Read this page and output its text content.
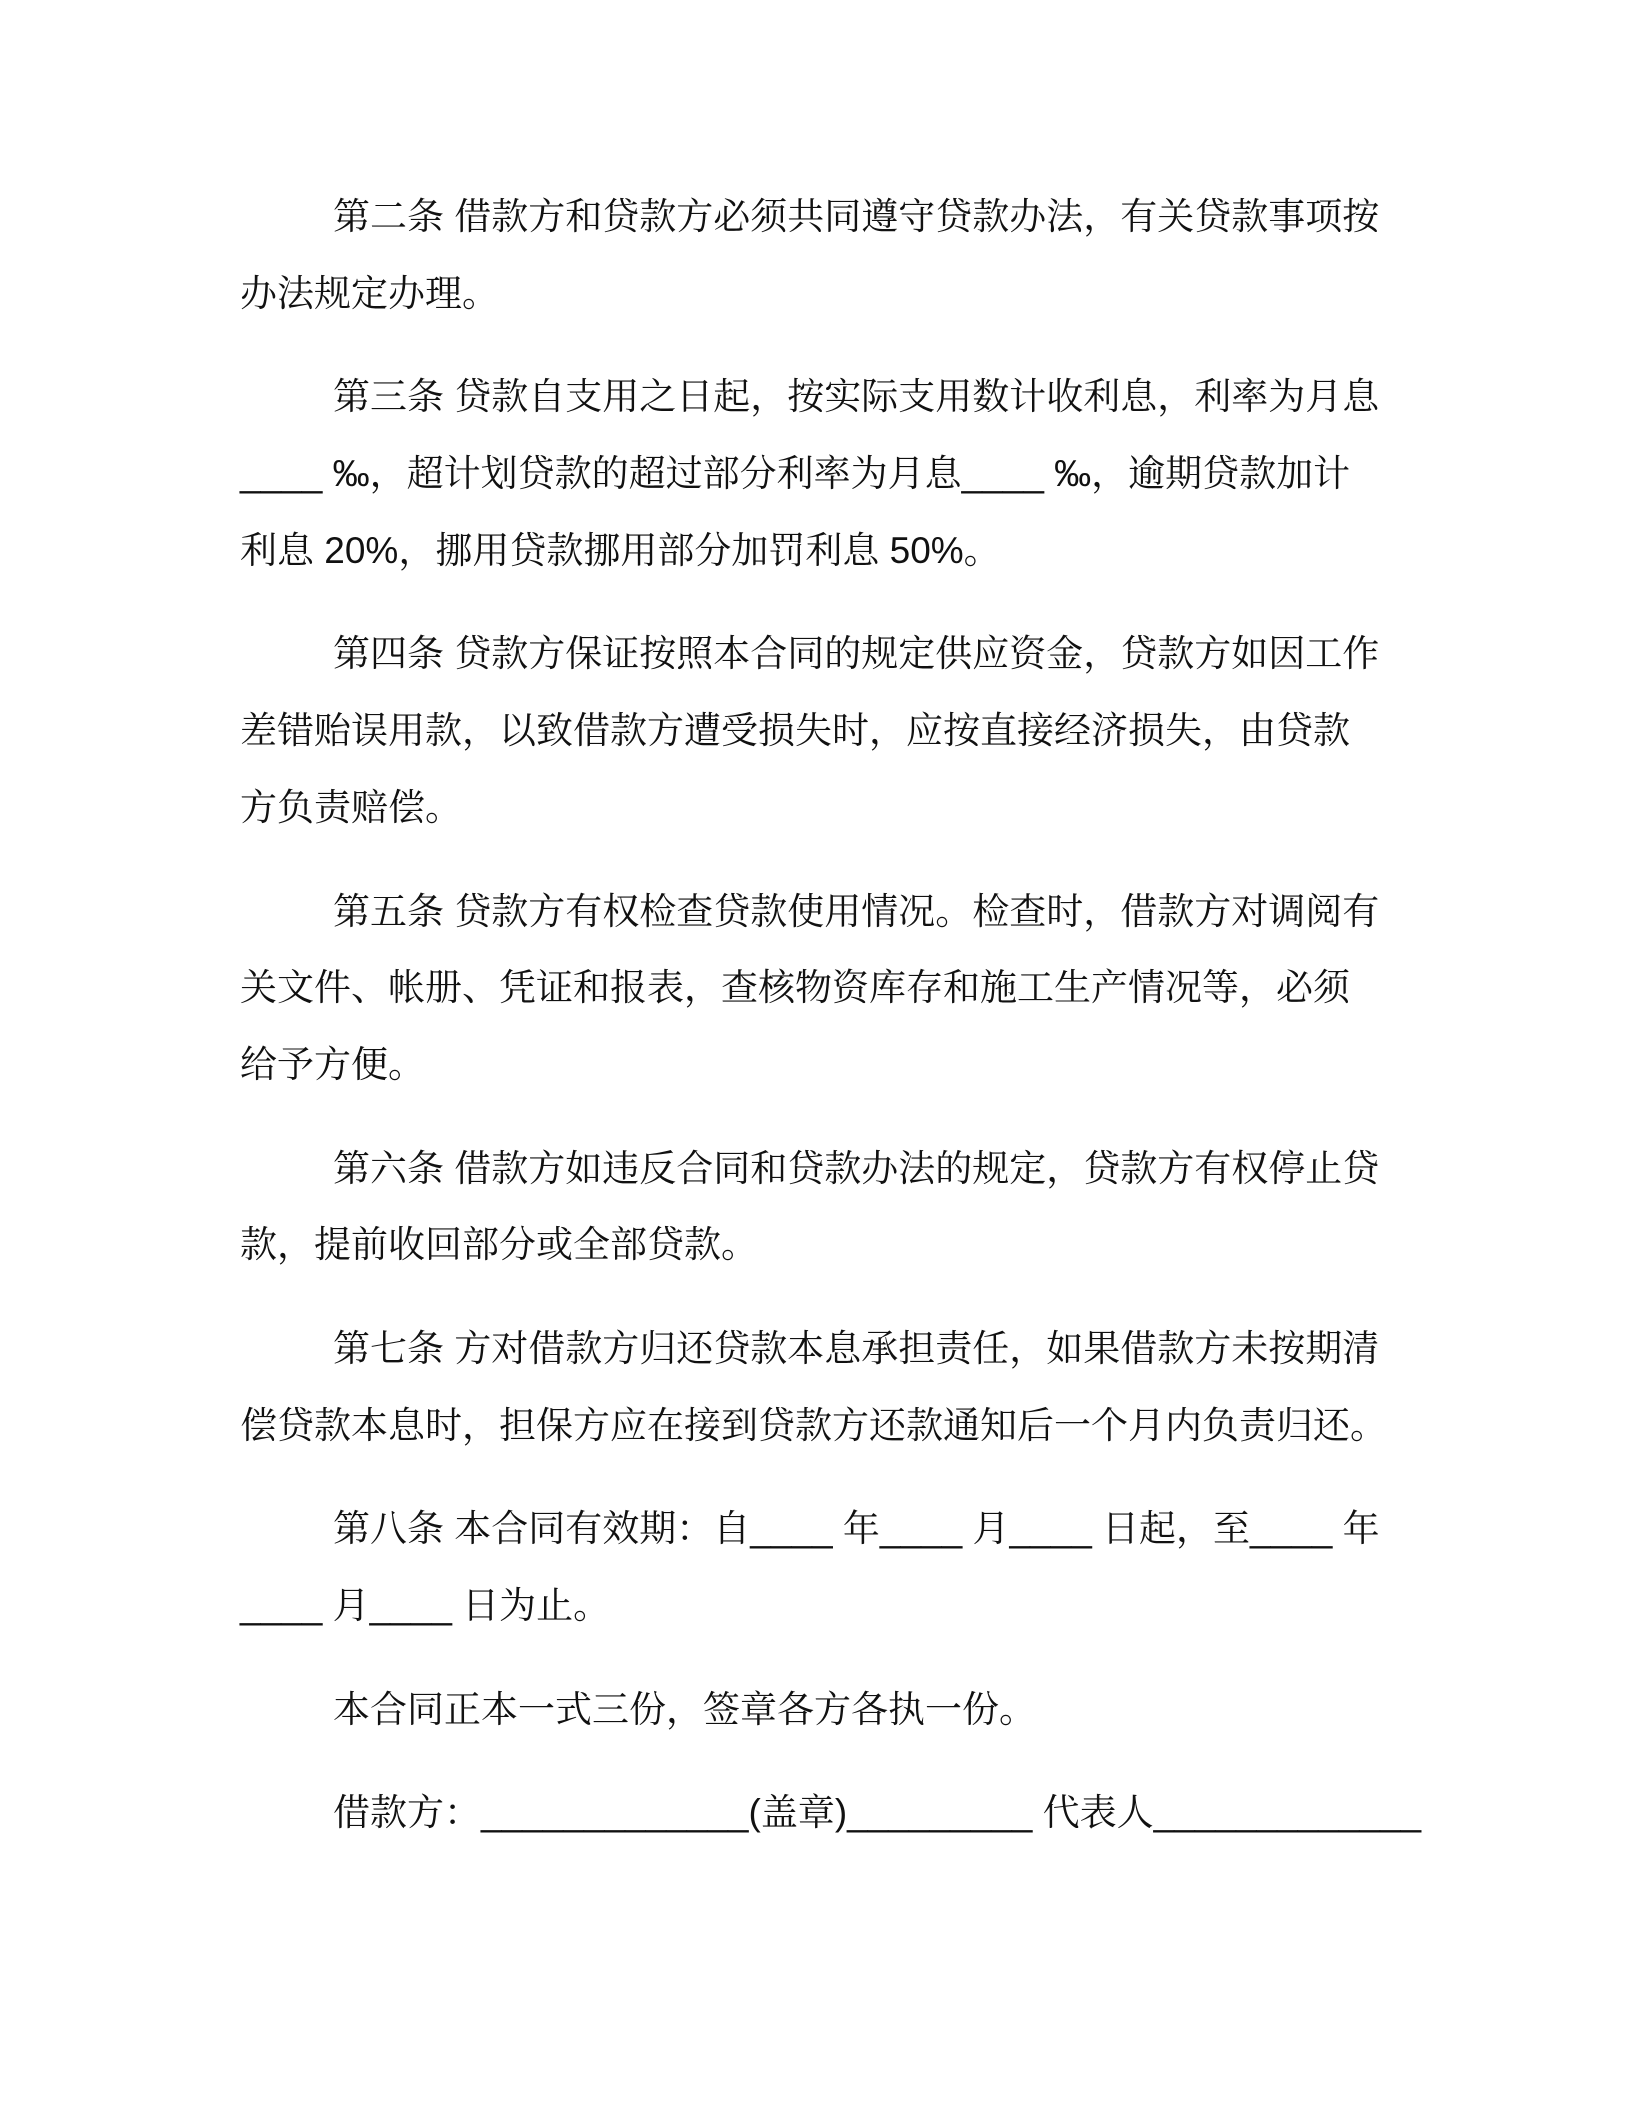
第二条 借款方和贷款方必须共同遵守贷款办法，有关贷款事项按
办法规定办理。
第三条 贷款自支用之日起，按实际支用数计收利息，利率为月息
____ ‰，超计划贷款的超过部分利率为月息____ ‰，逾期贷款加计
利息 20%，挪用贷款挪用部分加罚利息 50%。
第四条 贷款方保证按照本合同的规定供应资金，贷款方如因工作
差错贻误用款，以致借款方遭受损失时，应按直接经济损失，由贷款
方负责赔偿。
第五条 贷款方有权检查贷款使用情况。检查时，借款方对调阅有
关文件、帐册、凭证和报表，查核物资库存和施工生产情况等，必须
给予方便。
第六条 借款方如违反合同和贷款办法的规定，贷款方有权停止贷
款，提前收回部分或全部贷款。
第七条 方对借款方归还贷款本息承担责任，如果借款方未按期清
偿贷款本息时，担保方应在接到贷款方还款通知后一个月内负责归还。
第八条 本合同有效期：自____ 年____ 月____ 日起，至____ 年
____ 月____ 日为止。
本合同正本一式三份，签章各方各执一份。
借款方：_____________(盖章)_________ 代表人_____________
